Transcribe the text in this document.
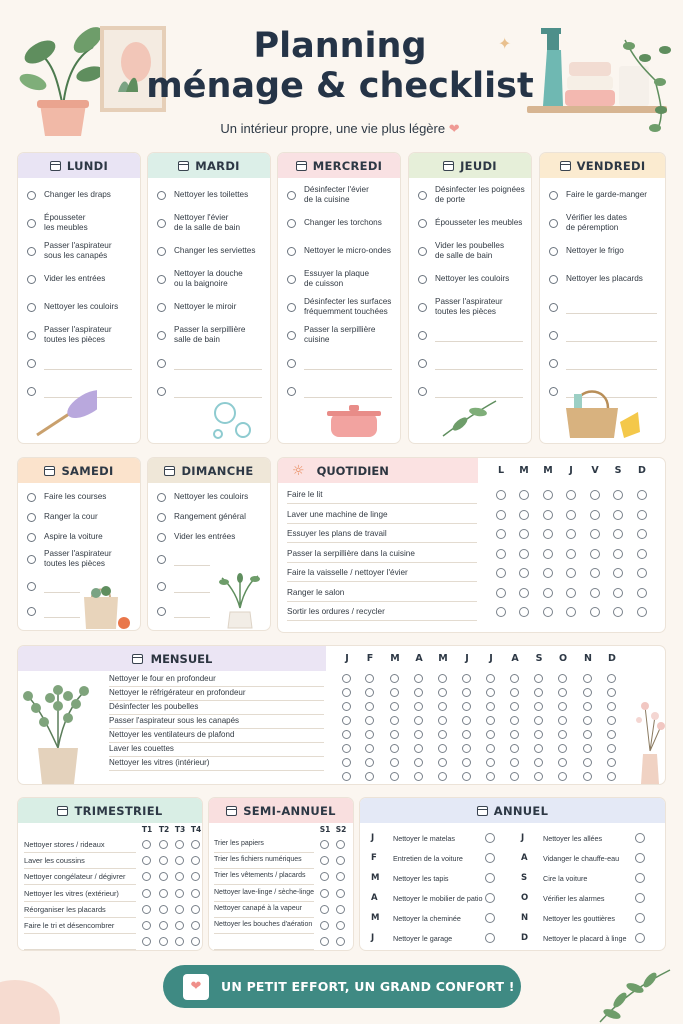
✦
Planning
ménage & checklist
Un intérieur propre, une vie plus légère ❤
LUNDI
Changer les draps
Épousseter
les meubles
Passer l'aspirateur
sous les canapés
Vider les entrées
Nettoyer les couloirs
Passer l'aspirateur
toutes les pièces
MARDI
Nettoyer les toilettes
Nettoyer l'évier
de la salle de bain
Changer les serviettes
Nettoyer la douche
ou la baignoire
Nettoyer le miroir
Passer la serpillière
salle de bain
MERCREDI
Désinfecter l'évier
de la cuisine
Changer les torchons
Nettoyer le micro-ondes
Essuyer la plaque
de cuisson
Désinfecter les surfaces
fréquemment touchées
Passer la serpillière
cuisine
JEUDI
Désinfecter les poignées
de porte
Épousseter les meubles
Vider les poubelles
de salle de bain
Nettoyer les couloirs
Passer l'aspirateur
toutes les pièces
VENDREDI
Faire le garde-manger
Vérifier les dates
de péremption
Nettoyer le frigo
Nettoyer les placards
SAMEDI
Faire les courses
Ranger la cour
Aspire la voiture
Passer l'aspirateur
toutes les pièces
DIMANCHE
Nettoyer les couloirs
Rangement général
Vider les entrées
☼ QUOTIDIEN	L	M M	J	V	S	D
Faire le lit
Laver une machine de linge
Essuyer les plans de travail
Passer la serpillière dans la cuisine
Faire la vaisselle / nettoyer l'évier
Ranger le salon
Sortir les ordures / recycler
MENSUEL	J	F	M	A	M	J	J	A	S	O	N	D
Nettoyer le four en profondeur
Nettoyer le réfrigérateur en profondeur
Désinfecter les poubelles
Passer l'aspirateur sous les canapés
Nettoyer les ventilateurs de plafond
Laver les couettes
Nettoyer les vitres (intérieur)
TRIMESTRIEL
T1 T2 T3 T4
Nettoyer stores / rideaux
Laver les coussins
Nettoyer congélateur / dégivrer
Nettoyer les vitres (extérieur)
Réorganiser les placards
Faire le tri et désencombrer
SEMI-ANNUEL
S1 S2
Trier les papiers
Trier les fichiers numériques
Trier les vêtements / placards
Nettoyer lave-linge / sèche-linge
Nettoyer canapé à la vapeur
Nettoyer les bouches d'aération
ANNUEL
J	Nettoyer le matelas
F Entretien de la voiture
M Nettoyer les tapis
A Nettoyer le mobilier de patio
M Nettoyer la cheminée
J	Nettoyer le garage
J	Nettoyer les allées
A Vidanger le chauffe-eau
S Cire la voiture
O Vérifier les alarmes
N Nettoyer les gouttières
D Nettoyer le placard à linge
❤	UN PETIT EFFORT, UN GRAND CONFORT !
